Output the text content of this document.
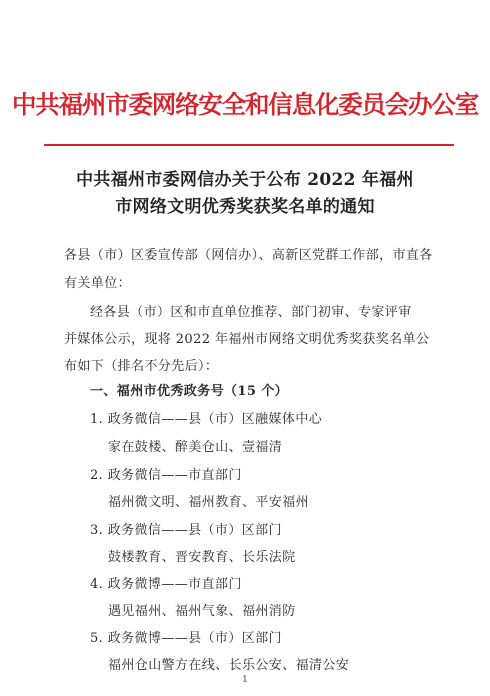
中共福州市委网络安全和信息化委员会办公室
中共福州市委网信办关于公布 2022 年福州
市网络文明优秀奖获奖名单的通知
各县（市）区委宣传部（网信办）、高新区党群工作部，市直各
有关单位：
经各县（市）区和市直单位推荐、部门初审、专家评审
并媒体公示，现将 2022 年福州市网络文明优秀奖获奖名单公
布如下（排名不分先后）：
一、福州市优秀政务号（15 个）
1. 政务微信——县（市）区融媒体中心
家在鼓楼、醉美仓山、壹福清
2. 政务微信——市直部门
福州微文明、福州教育、平安福州
3. 政务微信——县（市）区部门
鼓楼教育、晋安教育、长乐法院
4. 政务微博——市直部门
遇见福州、福州气象、福州消防
5. 政务微博——县（市）区部门
福州仓山警方在线、长乐公安、福清公安
1
